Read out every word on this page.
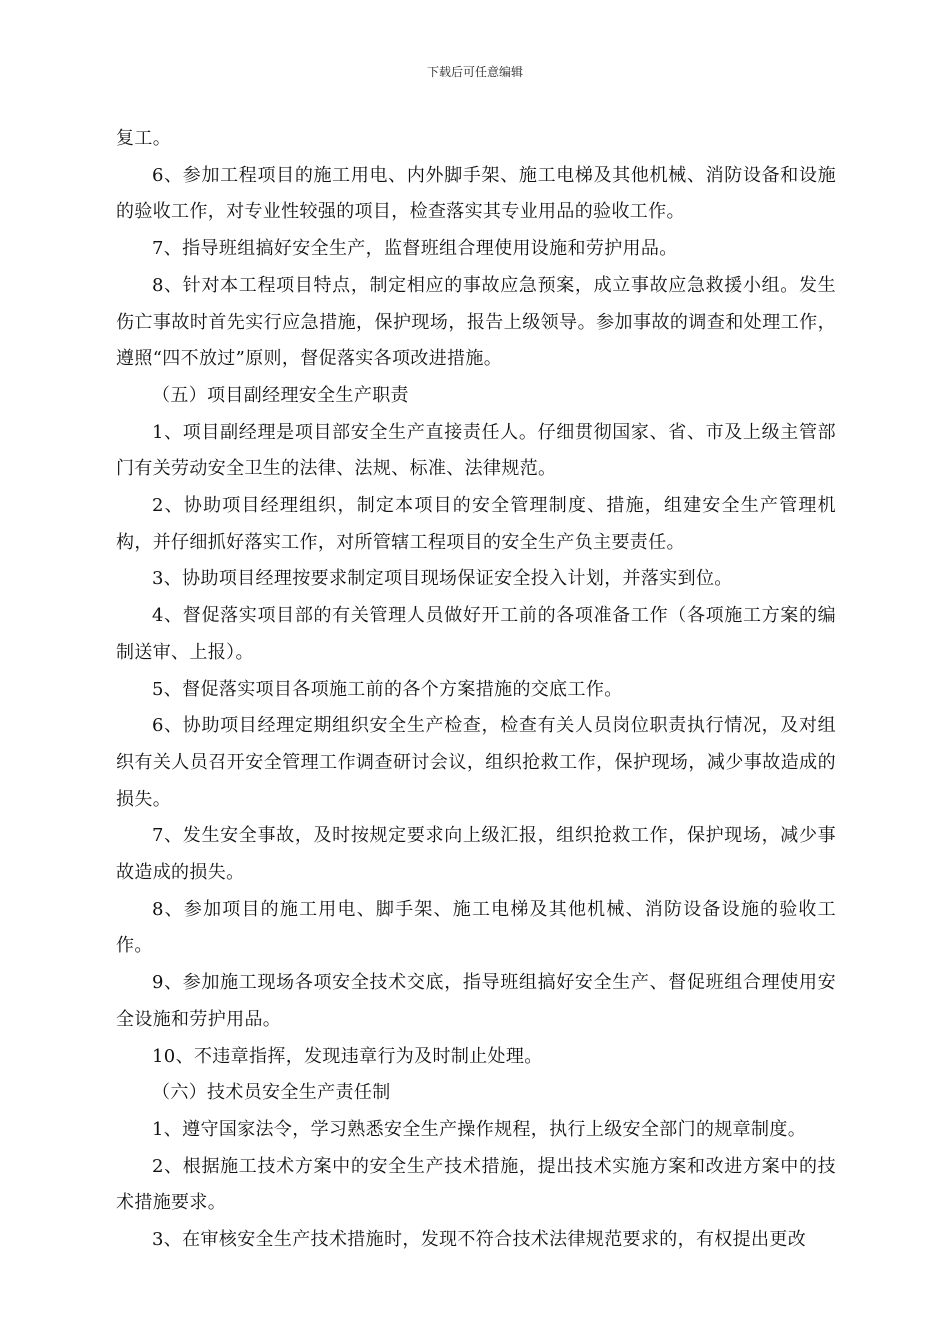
下载后可任意编辑

复工。

6、参加工程项目的施工用电、内外脚手架、施工电梯及其他机械、消防设备和设施的验收工作，对专业性较强的项目，检查落实其专业用品的验收工作。

7、指导班组搞好安全生产，监督班组合理使用设施和劳护用品。

8、针对本工程项目特点，制定相应的事故应急预案，成立事故应急救援小组。发生伤亡事故时首先实行应急措施，保护现场，报告上级领导。参加事故的调查和处理工作，遵照“四不放过”原则，督促落实各项改进措施。

（五）项目副经理安全生产职责

1、项目副经理是项目部安全生产直接责任人。仔细贯彻国家、省、市及上级主管部门有关劳动安全卫生的法律、法规、标准、法律规范。

2、协助项目经理组织，制定本项目的安全管理制度、措施，组建安全生产管理机构，并仔细抓好落实工作，对所管辖工程项目的安全生产负主要责任。

3、协助项目经理按要求制定项目现场保证安全投入计划，并落实到位。

4、督促落实项目部的有关管理人员做好开工前的各项准备工作（各项施工方案的编制送审、上报）。

5、督促落实项目各项施工前的各个方案措施的交底工作。

6、协助项目经理定期组织安全生产检查，检查有关人员岗位职责执行情况，及对组织有关人员召开安全管理工作调查研讨会议，组织抢救工作，保护现场，减少事故造成的损失。

7、发生安全事故，及时按规定要求向上级汇报，组织抢救工作，保护现场，减少事故造成的损失。

8、参加项目的施工用电、脚手架、施工电梯及其他机械、消防设备设施的验收工作。

9、参加施工现场各项安全技术交底，指导班组搞好安全生产、督促班组合理使用安全设施和劳护用品。

10、不违章指挥，发现违章行为及时制止处理。

（六）技术员安全生产责任制

1、遵守国家法令，学习熟悉安全生产操作规程，执行上级安全部门的规章制度。

2、根据施工技术方案中的安全生产技术措施，提出技术实施方案和改进方案中的技术措施要求。

3、在审核安全生产技术措施时，发现不符合技术法律规范要求的，有权提出更改
